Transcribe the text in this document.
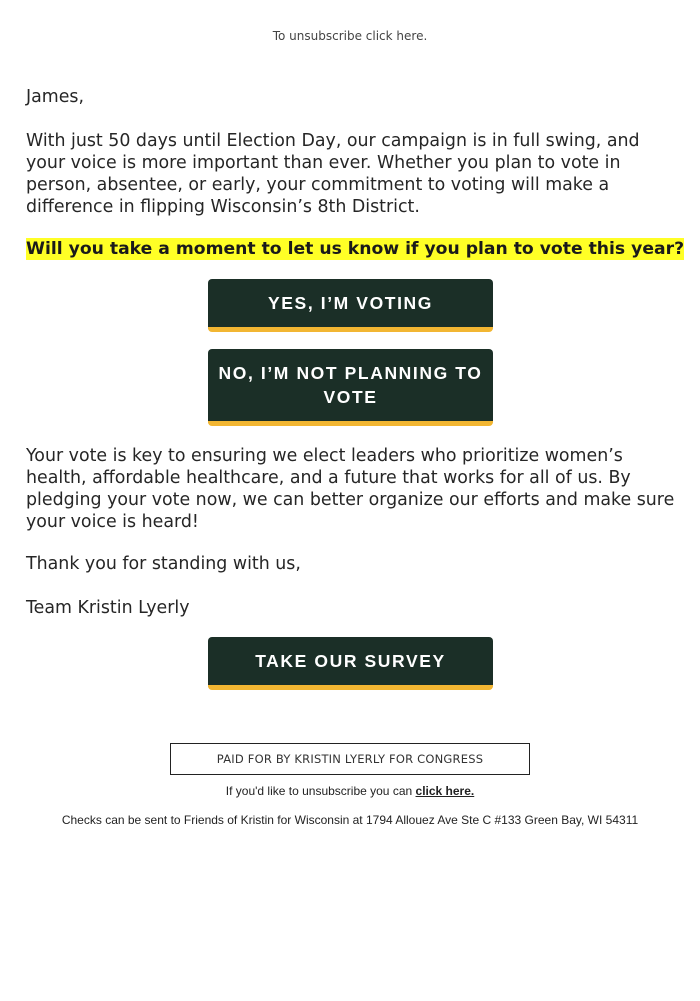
To unsubscribe click here.

James,

With just 50 days until Election Day, our campaign is in full swing, and your voice is more important than ever. Whether you plan to vote in person, absentee, or early, your commitment to voting will make a difference in flipping Wisconsin’s 8th District.

Will you take a moment to let us know if you plan to vote this year?
YES, I’M VOTING
NO, I’M NOT PLANNING TO VOTE

Your vote is key to ensuring we elect leaders who prioritize women’s health, affordable healthcare, and a future that works for all of us. By pledging your vote now, we can better organize our efforts and make sure your voice is heard!

Thank you for standing with us,

Team Kristin Lyerly

TAKE OUR SURVEY
PAID FOR BY KRISTIN LYERLY FOR CONGRESS
If you'd like to unsubscribe you can click here.
Checks can be sent to Friends of Kristin for Wisconsin at 1794 Allouez Ave Ste C #133 Green Bay, WI 54311
